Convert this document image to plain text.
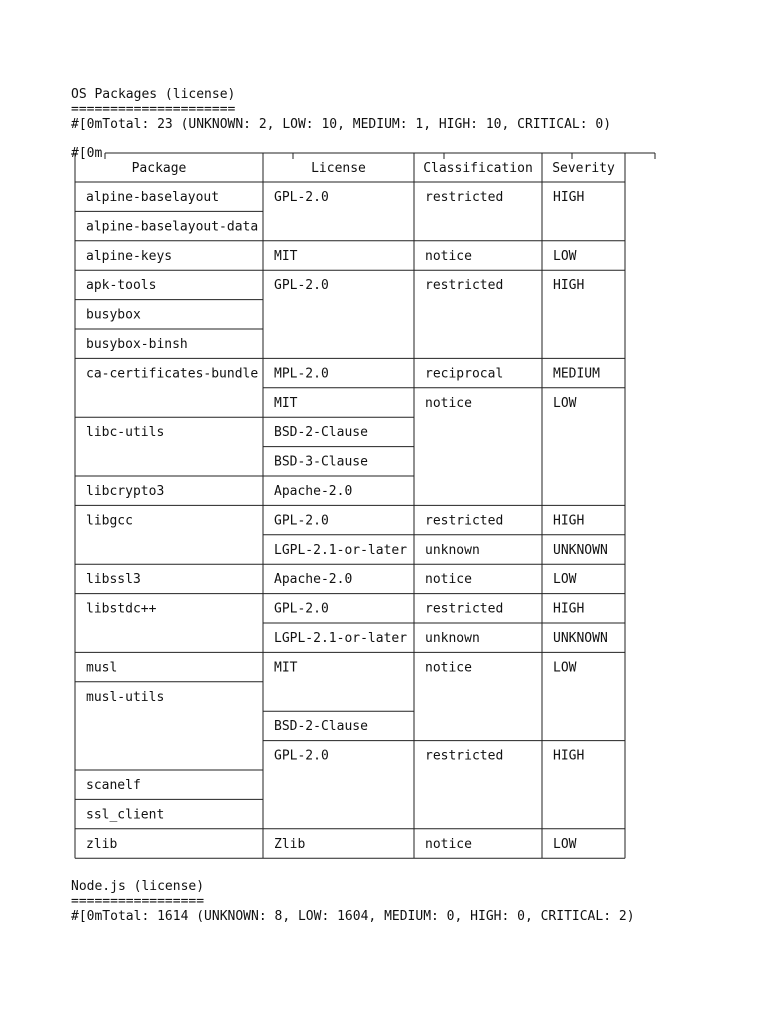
OS Packages (license)
=====================
#[0mTotal: 23 (UNKNOWN: 2, LOW: 10, MEDIUM: 1, HIGH: 10, CRITICAL: 0)
#[0m
Package	License	Classification Severity
alpine-baselayout
alpine-baselayout-data
alpine-keys
apk-tools
busybox
busybox-binsh
ca-certificates-bundle
libc-utils
libcrypto3
libgcc
libssl3
libstdc++
musl
musl-utils
scanelf
ssl_client
zlib
GPL-2.0
MIT
GPL-2.0
MPL-2.0
MIT
BSD-2-Clause
BSD-3-Clause
Apache-2.0
GPL-2.0
LGPL-2.1-or-later
Apache-2.0
GPL-2.0
LGPL-2.1-or-later
MIT
BSD-2-Clause
GPL-2.0
Zlib
restricted
notice
restricted
reciprocal
notice
restricted
unknown
notice
restricted
unknown
notice
restricted
notice
HIGH
LOW
HIGH
MEDIUM
LOW
HIGH
UNKNOWN
LOW
HIGH
UNKNOWN
LOW
HIGH
LOW
Node.js (license)
=================
#[0mTotal: 1614 (UNKNOWN: 8, LOW: 1604, MEDIUM: 0, HIGH: 0, CRITICAL: 2)
